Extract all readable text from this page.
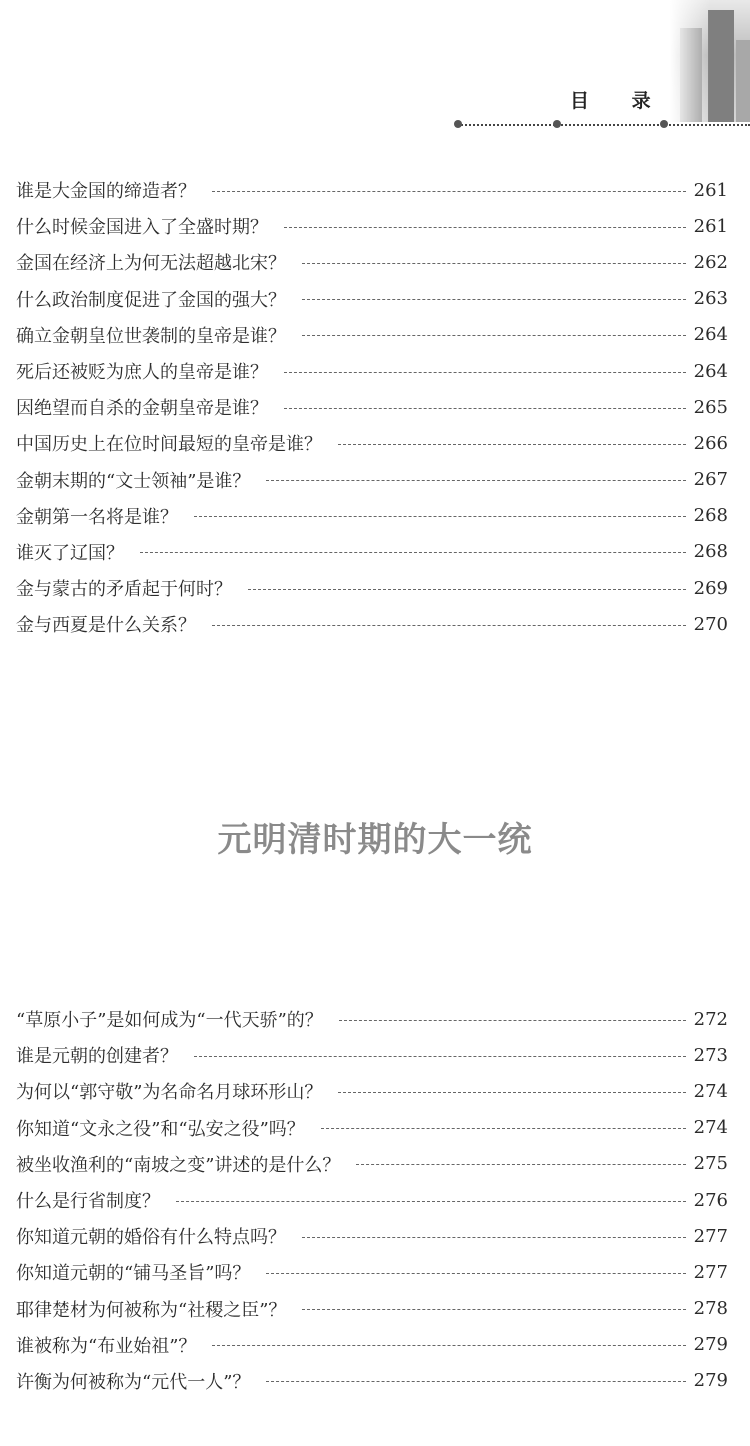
目 录
谁是大金国的缔造者？	261
什么时候金国进入了全盛时期？	261
金国在经济上为何无法超越北宋？	262
什么政治制度促进了金国的强大？	263
确立金朝皇位世袭制的皇帝是谁？	264
死后还被贬为庶人的皇帝是谁？	264
因绝望而自杀的金朝皇帝是谁？	265
中国历史上在位时间最短的皇帝是谁？	266
金朝末期的“文士领袖”是谁？	267
金朝第一名将是谁？	268
谁灭了辽国？	268
金与蒙古的矛盾起于何时？	269
金与西夏是什么关系？	270
元明清时期的大一统
“草原小子”是如何成为“一代天骄”的？	272
谁是元朝的创建者？	273
为何以“郭守敬”为名命名月球环形山？	274
你知道“文永之役”和“弘安之役”吗？	274
被坐收渔利的“南坡之变”讲述的是什么？	275
什么是行省制度？	276
你知道元朝的婚俗有什么特点吗？	277
你知道元朝的“铺马圣旨”吗？	277
耶律楚材为何被称为“社稷之臣”？	278
谁被称为“布业始祖”？	279
许衡为何被称为“元代一人”？	279
